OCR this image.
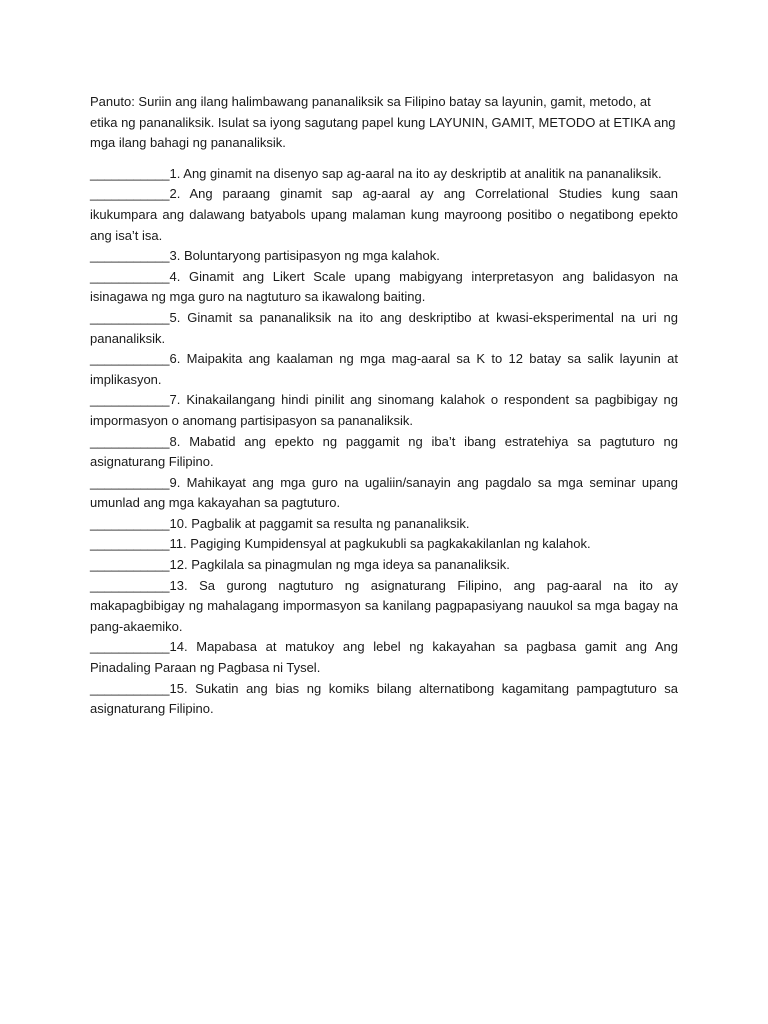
Panuto: Suriin ang ilang halimbawang pananaliksik sa Filipino batay sa layunin, gamit, metodo, at etika ng pananaliksik. Isulat sa iyong sagutang papel kung LAYUNIN, GAMIT, METODO at ETIKA ang mga ilang bahagi ng pananaliksik.

___________1. Ang ginamit na disenyo sap ag-aaral na ito ay deskriptib at analitik na pananaliksik.

___________2. Ang paraang ginamit sap ag-aaral ay ang Correlational Studies kung saan ikukumpara ang dalawang batyabols upang malaman kung mayroong positibo o negatibong epekto ang isa’t isa.

___________3. Boluntaryong partisipasyon ng mga kalahok.

___________4. Ginamit ang Likert Scale upang mabigyang interpretasyon ang balidasyon na isinagawa ng mga guro na nagtuturo sa ikawalong baiting.

___________5. Ginamit sa pananaliksik na ito ang deskriptibo at kwasi-eksperimental na uri ng pananaliksik.

___________6. Maipakita ang kaalaman ng mga mag-aaral sa K to 12 batay sa salik layunin at implikasyon.

___________7. Kinakailangang hindi pinilit ang sinomang kalahok o respondent sa pagbibigay ng impormasyon o anomang partisipasyon sa pananaliksik.

___________8. Mabatid ang epekto ng paggamit ng iba’t ibang estratehiya sa pagtuturo ng asignaturang Filipino.

___________9. Mahikayat ang mga guro na ugaliin/sanayin ang pagdalo sa mga seminar upang umunlad ang mga kakayahan sa pagtuturo.

___________10. Pagbalik at paggamit sa resulta ng pananaliksik.

___________11. Pagiging Kumpidensyal at pagkukubli sa pagkakakilanlan ng kalahok.

___________12. Pagkilala sa pinagmulan ng mga ideya sa pananaliksik.

___________13. Sa gurong nagtuturo ng asignaturang Filipino, ang pag-aaral na ito ay makapagbibigay ng mahalagang impormasyon sa kanilang pagpapasiyang nauukol sa mga bagay na pang-akaemiko.

___________14. Mapabasa at matukoy ang lebel ng kakayahan sa pagbasa gamit ang Ang Pinadaling Paraan ng Pagbasa ni Tysel.

___________15. Sukatin ang bias ng komiks bilang alternatibong kagamitang pampagtuturo sa asignaturang Filipino.
